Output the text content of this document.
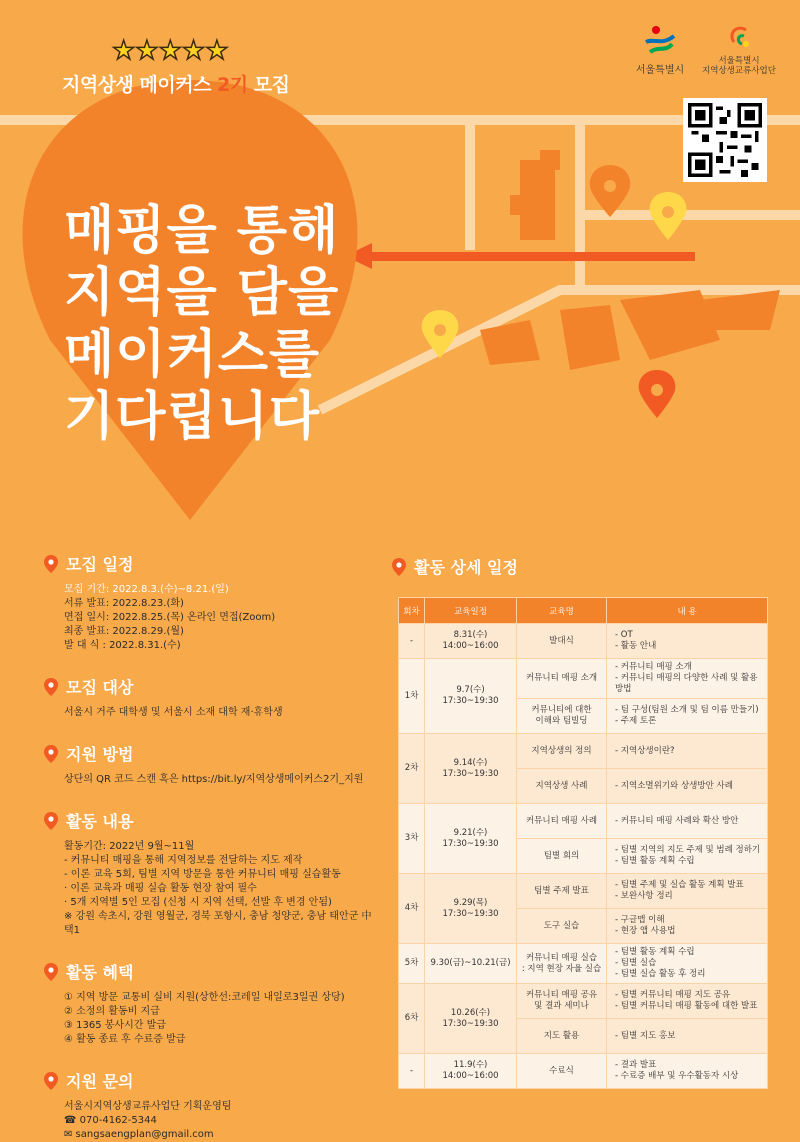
★★★★★
지역상생 메이커스 2기 모집
서울특별시
서울특별시
지역상생교류사업단
매핑을 통해
지역을 담을
메이커스를
기다립니다
모집 일정
모집 기간: 2022.8.3.(수)~8.21.(일)
서류 발표: 2022.8.23.(화)
면접 일시: 2022.8.25.(목) 온라인 면접(Zoom)
최종 발표: 2022.8.29.(월)
발 대 식 : 2022.8.31.(수)
모집 대상
서울시 거주 대학생 및 서울시 소재 대학 재·휴학생
지원 방법
상단의 QR 코드 스캔 혹은 https://bit.ly/지역상생메이커스2기_지원
활동 내용
활동기간: 2022년 9월~11월
- 커뮤니티 매핑을 통해 지역정보를 전달하는 지도 제작
- 이론 교육 5회, 팀별 지역 방문을 통한 커뮤니티 매핑 실습활동
· 이론 교육과 매핑 실습 활동 현장 참여 필수
· 5개 지역별 5인 모집 (신청 시 지역 선택, 선발 후 변경 안됨)
※ 강원 속초시, 강원 영월군, 경북 포항시, 충남 청양군, 충남 태안군 中 택1
활동 혜택
① 지역 방문 교통비 실비 지원(상한선:코레일 내일로3일권 상당)
② 소정의 활동비 지급
③ 1365 봉사시간 발급
④ 활동 종료 후 수료증 발급
지원 문의
서울시지역상생교류사업단 기획운영팀
☎ 070-4162-5344
✉ sangsaengplan@gmail.com
활동 상세 일정
회차	교육일정	교육명	내 용
-	8.31(수)
14:00~16:00	발대식	- OT
- 활동 안내
1차	9.7(수)
17:30~19:30	커뮤니티 매핑 소개	- 커뮤니티 매핑 소개
- 커뮤니티 매핑의 다양한 사례 및 활용 방법
		커뮤니티에 대한
이해와 팀빌딩	- 팀 구성(팀원 소개 및 팀 이름 만들기)
- 주제 토론
2차	9.14(수)
17:30~19:30	지역상생의 정의	- 지역상생이란?
		지역상생 사례	- 지역소멸위기와 상생방안 사례
3차	9.21(수)
17:30~19:30	커뮤니티 매핑 사례	- 커뮤니티 매핑 사례와 확산 방안
		팀별 회의	- 팀별 지역의 지도 주제 및 범례 정하기
- 팀별 활동 계획 수립
4차	9.29(목)
17:30~19:30	팀별 주제 발표	- 팀별 주제 및 실습 활동 계획 발표
- 보완사항 정리
		도구 실습	- 구글맵 이해
- 현장 앱 사용법
5차	9.30(금)~10.21(금)	커뮤니티 매핑 실습
: 지역 현장 자율 실습	- 팀별 활동 계획 수립
- 팀별 실습
- 팀별 실습 활동 후 정리
6차	10.26(수)
17:30~19:30	커뮤니티 매핑 공유
및 결과 세미나	- 팀별 커뮤니티 매핑 지도 공유
- 팀별 커뮤니티 매핑 활동에 대한 발표
		지도 활용	- 팀별 지도 홍보
-	11.9(수)
14:00~16:00	수료식	- 결과 발표
- 수료증 배부 및 우수활동자 시상
